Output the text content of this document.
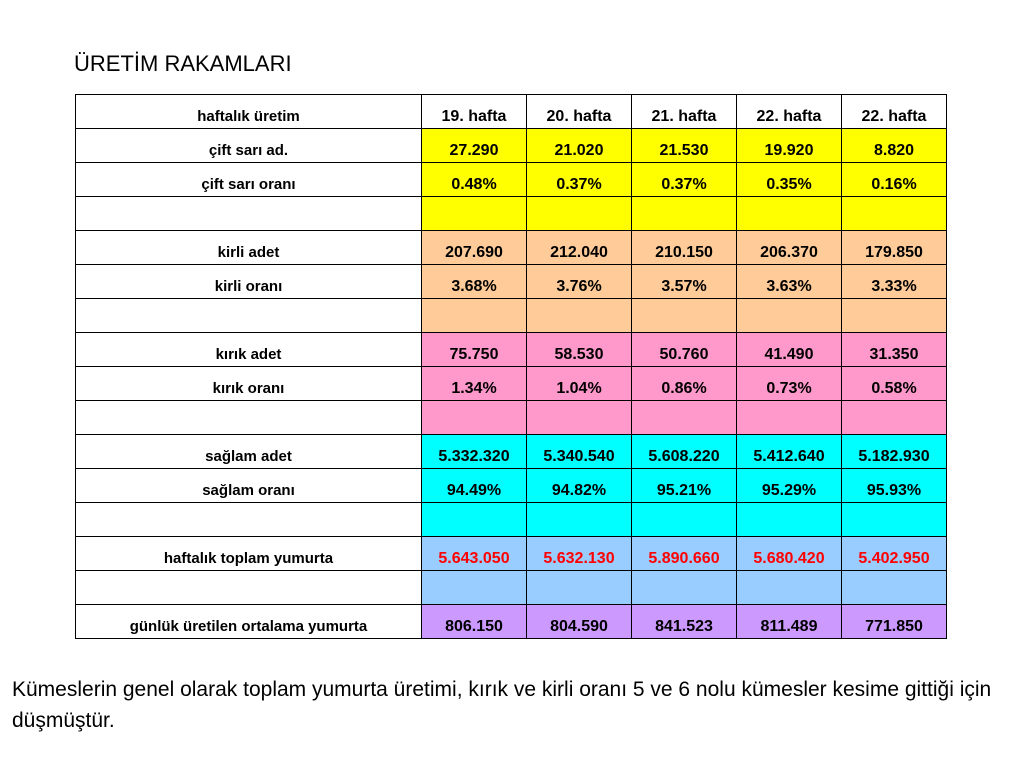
ÜRETİM RAKAMLARI
haftalık üretim	19. hafta	20. hafta	21. hafta	22. hafta	22. hafta
çift sarı ad.	27.290	21.020	21.530	19.920	8.820
çift sarı oranı	0.48%	0.37%	0.37%	0.35%	0.16%

kirli adet	207.690	212.040	210.150	206.370	179.850
kirli oranı	3.68%	3.76%	3.57%	3.63%	3.33%

kırık adet	75.750	58.530	50.760	41.490	31.350
kırık oranı	1.34%	1.04%	0.86%	0.73%	0.58%

sağlam adet	5.332.320	5.340.540	5.608.220	5.412.640	5.182.930
sağlam oranı	94.49%	94.82%	95.21%	95.29%	95.93%

haftalık toplam yumurta	5.643.050	5.632.130	5.890.660	5.680.420	5.402.950

günlük üretilen ortalama yumurta	806.150	804.590	841.523	811.489	771.850
Kümeslerin genel olarak toplam yumurta üretimi, kırık ve kirli oranı 5 ve 6 nolu kümesler kesime gittiği için düşmüştür.
